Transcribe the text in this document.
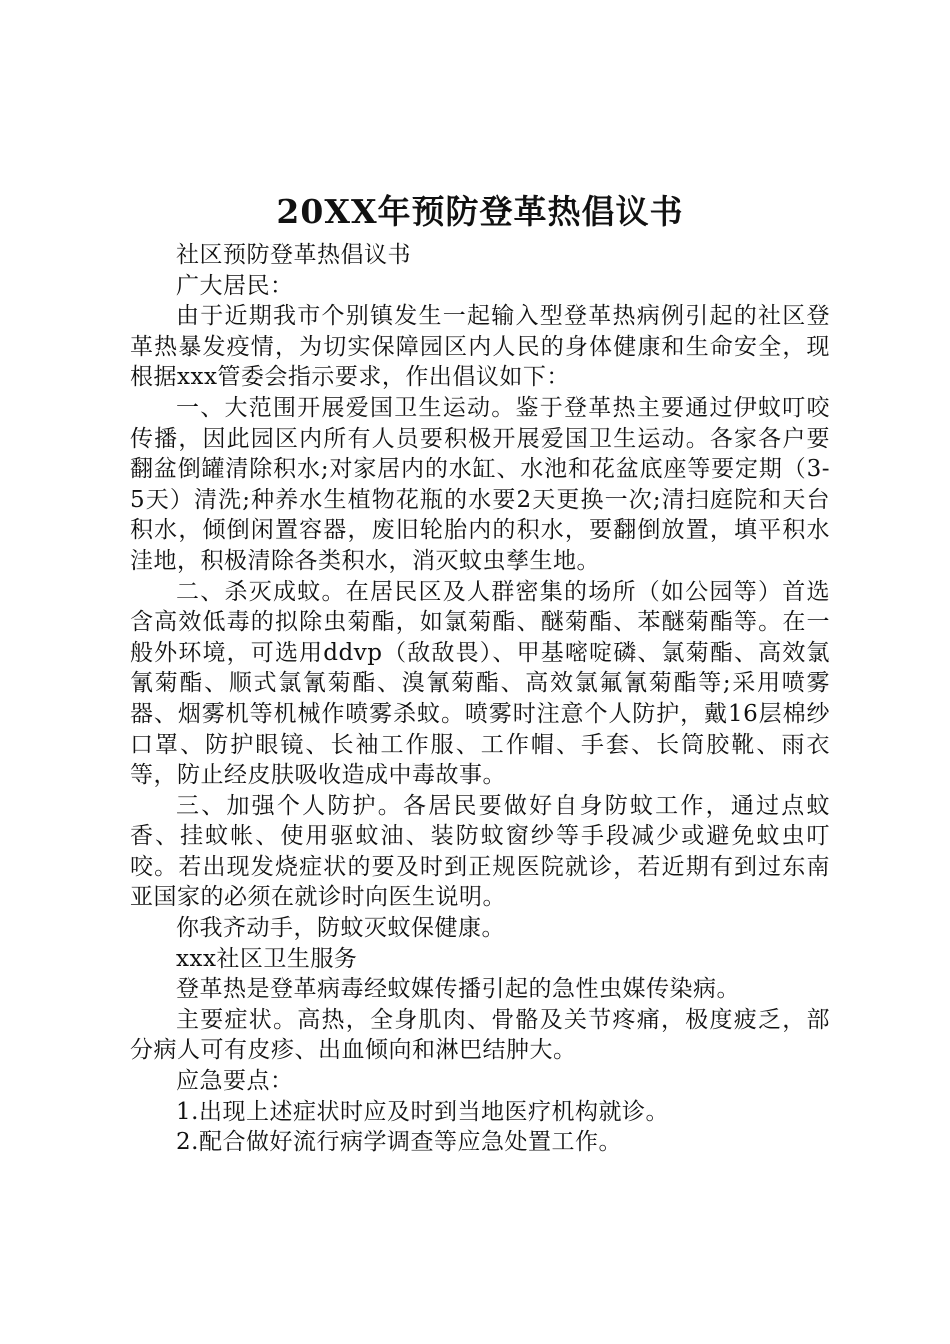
20XX年预防登革热倡议书

社区预防登革热倡议书

广大居民：

由于近期我市个别镇发生一起输入型登革热病例引起的社区登革热暴发疫情，为切实保障园区内人民的身体健康和生命安全，现根据xxx管委会指示要求，作出倡议如下：

一、大范围开展爱国卫生运动。鉴于登革热主要通过伊蚊叮咬传播，因此园区内所有人员要积极开展爱国卫生运动。各家各户要翻盆倒罐清除积水;对家居内的水缸、水池和花盆底座等要定期（3-5天）清洗;种养水生植物花瓶的水要2天更换一次;清扫庭院和天台积水，倾倒闲置容器，废旧轮胎内的积水，要翻倒放置，填平积水洼地，积极清除各类积水，消灭蚊虫孳生地。

二、杀灭成蚊。在居民区及人群密集的场所（如公园等）首选含高效低毒的拟除虫菊酯，如氯菊酯、醚菊酯、苯醚菊酯等。在一般外环境，可选用ddvp（敌敌畏）、甲基嘧啶磷、氯菊酯、高效氯氰菊酯、顺式氯氰菊酯、溴氰菊酯、高效氯氟氰菊酯等;采用喷雾器、烟雾机等机械作喷雾杀蚊。喷雾时注意个人防护，戴16层棉纱口罩、防护眼镜、长袖工作服、工作帽、手套、长筒胶靴、雨衣等，防止经皮肤吸收造成中毒故事。

三、加强个人防护。各居民要做好自身防蚊工作，通过点蚊香、挂蚊帐、使用驱蚊油、装防蚊窗纱等手段减少或避免蚊虫叮咬。若出现发烧症状的要及时到正规医院就诊，若近期有到过东南亚国家的必须在就诊时向医生说明。

你我齐动手，防蚊灭蚊保健康。

xxx社区卫生服务

登革热是登革病毒经蚊媒传播引起的急性虫媒传染病。

主要症状。高热，全身肌肉、骨骼及关节疼痛，极度疲乏，部分病人可有皮疹、出血倾向和淋巴结肿大。

应急要点：

1.出现上述症状时应及时到当地医疗机构就诊。

2.配合做好流行病学调查等应急处置工作。
